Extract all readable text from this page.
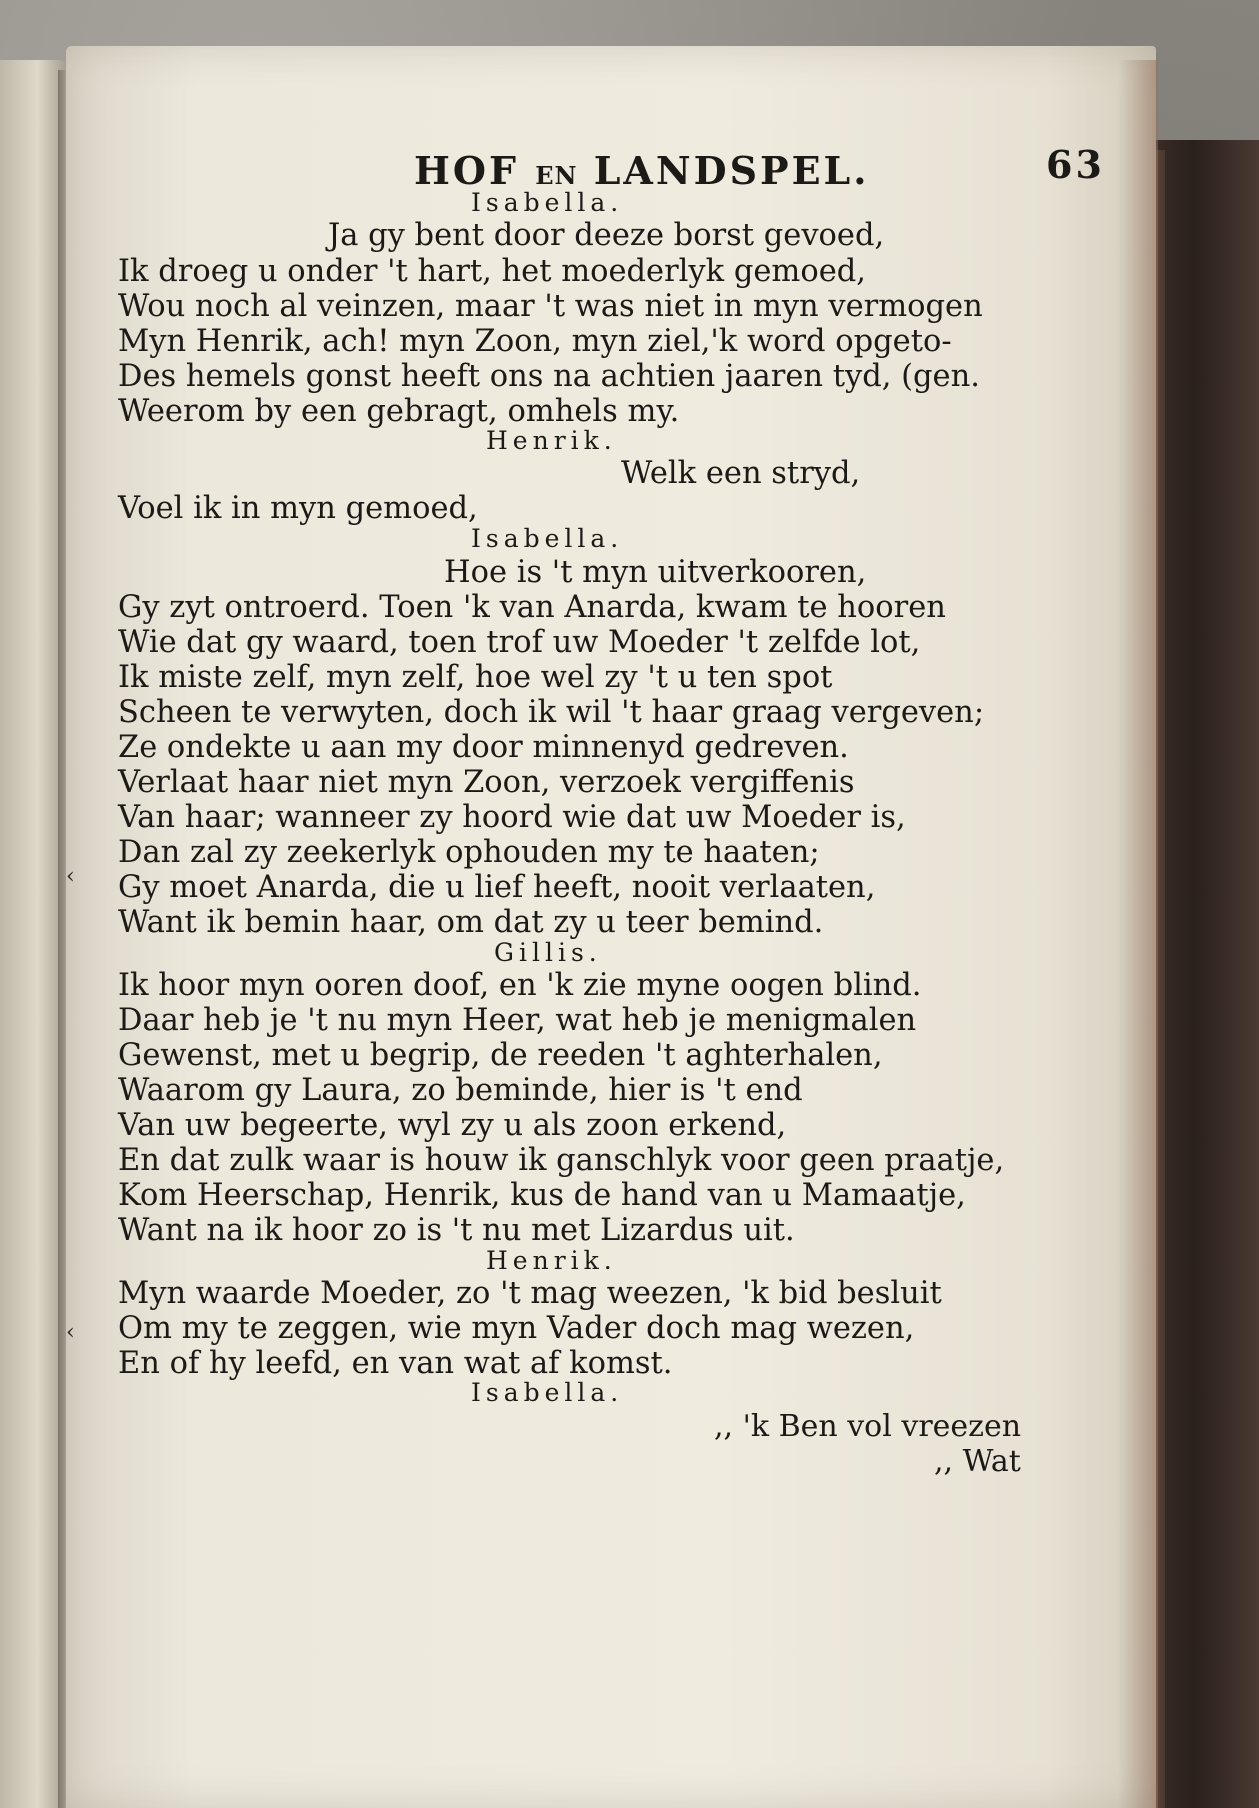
HOF EN LANDSPEL.	63
Isabella.
Ja gy bent door deeze borst gevoed,
Ik droeg u onder 't hart, het moederlyk gemoed,
Wou noch al veinzen, maar 't was niet in myn vermogen
Myn Henrik, ach! myn Zoon, myn ziel,'k word opgeto-
Des hemels gonst heeft ons na achtien jaaren tyd, (gen.
Weerom by een gebragt, omhels my.
Henrik.
Welk een stryd,
Voel ik in myn gemoed,
Isabella.
Hoe is 't myn uitverkooren,
Gy zyt ontroerd. Toen 'k van Anarda, kwam te hooren
Wie dat gy waard, toen trof uw Moeder 't zelfde lot,
Ik miste zelf, myn zelf, hoe wel zy 't u ten spot
Scheen te verwyten, doch ik wil 't haar graag vergeven;
Ze ondekte u aan my door minnenyd gedreven.
Verlaat haar niet myn Zoon, verzoek vergiffenis
Van haar; wanneer zy hoord wie dat uw Moeder is,
Dan zal zy zeekerlyk ophouden my te haaten;
Gy moet Anarda, die u lief heeft, nooit verlaaten,
Want ik bemin haar, om dat zy u teer bemind.
Gillis.
Ik hoor myn ooren doof, en 'k zie myne oogen blind.
Daar heb je 't nu myn Heer, wat heb je menigmalen
Gewenst, met u begrip, de reeden 't aghterhalen,
Waarom gy Laura, zo beminde, hier is 't end
Van uw begeerte, wyl zy u als zoon erkend,
En dat zulk waar is houw ik ganschlyk voor geen praatje,
Kom Heerschap, Henrik, kus de hand van u Mamaatje,
Want na ik hoor zo is 't nu met Lizardus uit.
Henrik.
Myn waarde Moeder, zo 't mag weezen, 'k bid besluit
Om my te zeggen, wie myn Vader doch mag wezen,
En of hy leefd, en van wat af komst.
Isabella.
,, 'k Ben vol vreezen
,, Wat
‹
‹
